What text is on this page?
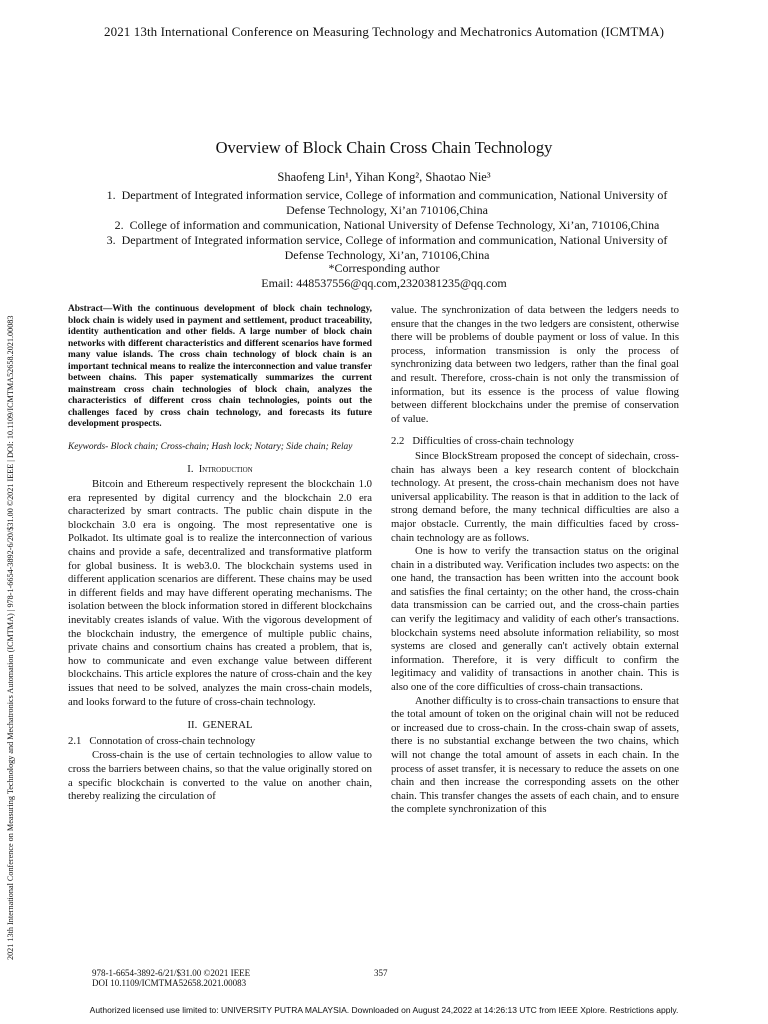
2021 13th International Conference on Measuring Technology and Mechatronics Automation (ICMTMA)
2021 13th International Conference on Measuring Technology and Mechatronics Automation (ICMTMA) | 978-1-6654-3892-6/20/$31.00 ©2021 IEEE | DOI: 10.1109/ICMTMA52658.2021.00083
Overview of Block Chain Cross Chain Technology
Shaofeng Lin¹, Yihan Kong², Shaotao Nie³
1. Department of Integrated information service, College of information and communication, National University of Defense Technology, Xi’an 710106,China
2. College of information and communication, National University of Defense Technology, Xi’an, 710106,China
3. Department of Integrated information service, College of information and communication, National University of Defense Technology, Xi’an, 710106,China
*Corresponding author
Email: 448537556@qq.com,2320381235@qq.com

Abstract—With the continuous development of block chain technology, block chain is widely used in payment and settlement, product traceability, identity authentication and other fields. A large number of block chain networks with different characteristics and different scenarios have formed many value islands. The cross chain technology of block chain is an important technical means to realize the interconnection and value transfer between chains. This paper systematically summarizes the current mainstream cross chain technologies of block chain, analyzes the characteristics of different cross chain technologies, points out the challenges faced by cross chain technology, and forecasts its future development prospects.

Keywords- Block chain; Cross-chain; Hash lock; Notary; Side chain; Relay

I. Introduction

Bitcoin and Ethereum respectively represent the blockchain 1.0 era represented by digital currency and the blockchain 2.0 era characterized by smart contracts. The public chain dispute in the blockchain 3.0 era is ongoing. The most representative one is Polkadot. Its ultimate goal is to realize the interconnection of various chains and provide a safe, decentralized and transformative platform for global business. It is web3.0. The blockchain systems used in different application scenarios are different. These chains may be used in different fields and may have different operating mechanisms. The isolation between the block information stored in different blockchains inevitably creates islands of value. With the vigorous development of the blockchain industry, the emergence of multiple public chains, private chains and consortium chains has created a problem, that is, how to communicate and even exchange value between different blockchains. This article explores the nature of cross-chain and the key issues that need to be solved, analyzes the main cross-chain models, and looks forward to the future of cross-chain technology.

II. GENERAL

2.1 Connotation of cross-chain technology

Cross-chain is the use of certain technologies to allow value to cross the barriers between chains, so that the value originally stored on a specific blockchain is converted to the value on another chain, thereby realizing the circulation of

value. The synchronization of data between the ledgers needs to ensure that the changes in the two ledgers are consistent, otherwise there will be problems of double payment or loss of value. In this process, information transmission is only the process of synchronizing data between two ledgers, rather than the final goal and result. Therefore, cross-chain is not only the transmission of information, but its essence is the process of value flowing between different blockchains under the premise of conservation of value.

2.2 Difficulties of cross-chain technology

Since BlockStream proposed the concept of sidechain, cross-chain has always been a key research content of blockchain technology. At present, the cross-chain mechanism does not have universal applicability. The reason is that in addition to the lack of strong demand before, the many technical difficulties are also a major obstacle. Currently, the main difficulties faced by cross-chain technology are as follows.

One is how to verify the transaction status on the original chain in a distributed way. Verification includes two aspects: on the one hand, the transaction has been written into the account book and satisfies the final certainty; on the other hand, the cross-chain data transmission can be carried out, and the cross-chain parties can verify the legitimacy and validity of each other's transactions. blockchain systems need absolute information reliability, so most systems are closed and generally can't actively obtain external information. Therefore, it is very difficult to confirm the legitimacy and validity of transactions in another chain. This is also one of the core difficulties of cross-chain transactions.

Another difficulty is to cross-chain transactions to ensure that the total amount of token on the original chain will not be reduced or increased due to cross-chain. In the cross-chain swap of assets, there is no substantial exchange between the two chains, which will not change the total amount of assets in each chain. In the process of asset transfer, it is necessary to reduce the assets on one chain and then increase the corresponding assets on the other chain. This transfer changes the assets of each chain, and to ensure the complete synchronization of this

978-1-6654-3892-6/21/$31.00 ©2021 IEEE
DOI 10.1109/ICMTMA52658.2021.00083
357
Authorized licensed use limited to: UNIVERSITY PUTRA MALAYSIA. Downloaded on August 24,2022 at 14:26:13 UTC from IEEE Xplore. Restrictions apply.
